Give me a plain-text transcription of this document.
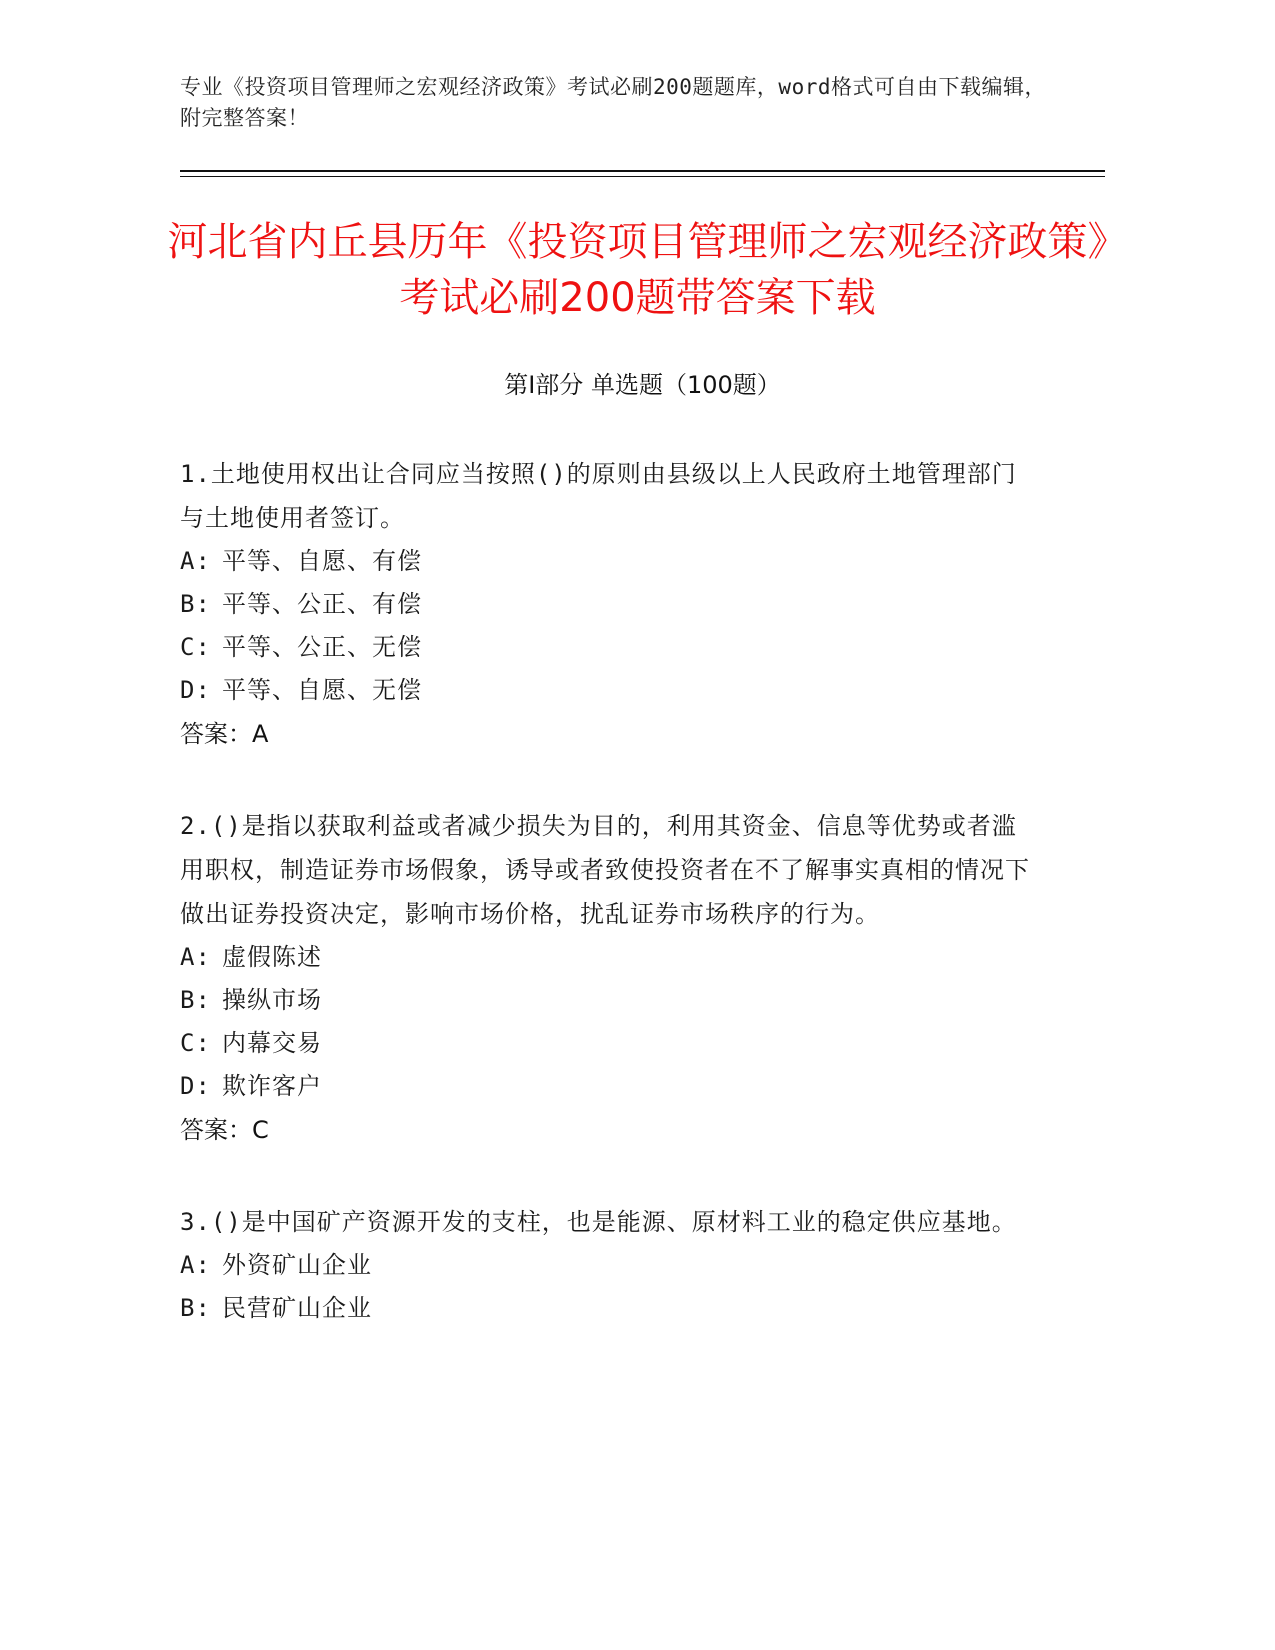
专业《投资项目管理师之宏观经济政策》考试必刷200题题库，word格式可自由下载编辑，附完整答案！
河北省内丘县历年《投资项目管理师之宏观经济政策》考试必刷200题带答案下载
第Ⅰ部分 单选题（100题）
1.土地使用权出让合同应当按照()的原则由县级以上人民政府土地管理部门与土地使用者签订。
A: 平等、自愿、有偿
B: 平等、公正、有偿
C: 平等、公正、无偿
D: 平等、自愿、无偿
答案：A
2.()是指以获取利益或者减少损失为目的，利用其资金、信息等优势或者滥用职权，制造证券市场假象，诱导或者致使投资者在不了解事实真相的情况下做出证券投资决定，影响市场价格，扰乱证券市场秩序的行为。
A: 虚假陈述
B: 操纵市场
C: 内幕交易
D: 欺诈客户
答案：C
3.()是中国矿产资源开发的支柱，也是能源、原材料工业的稳定供应基地。
A: 外资矿山企业
B: 民营矿山企业
